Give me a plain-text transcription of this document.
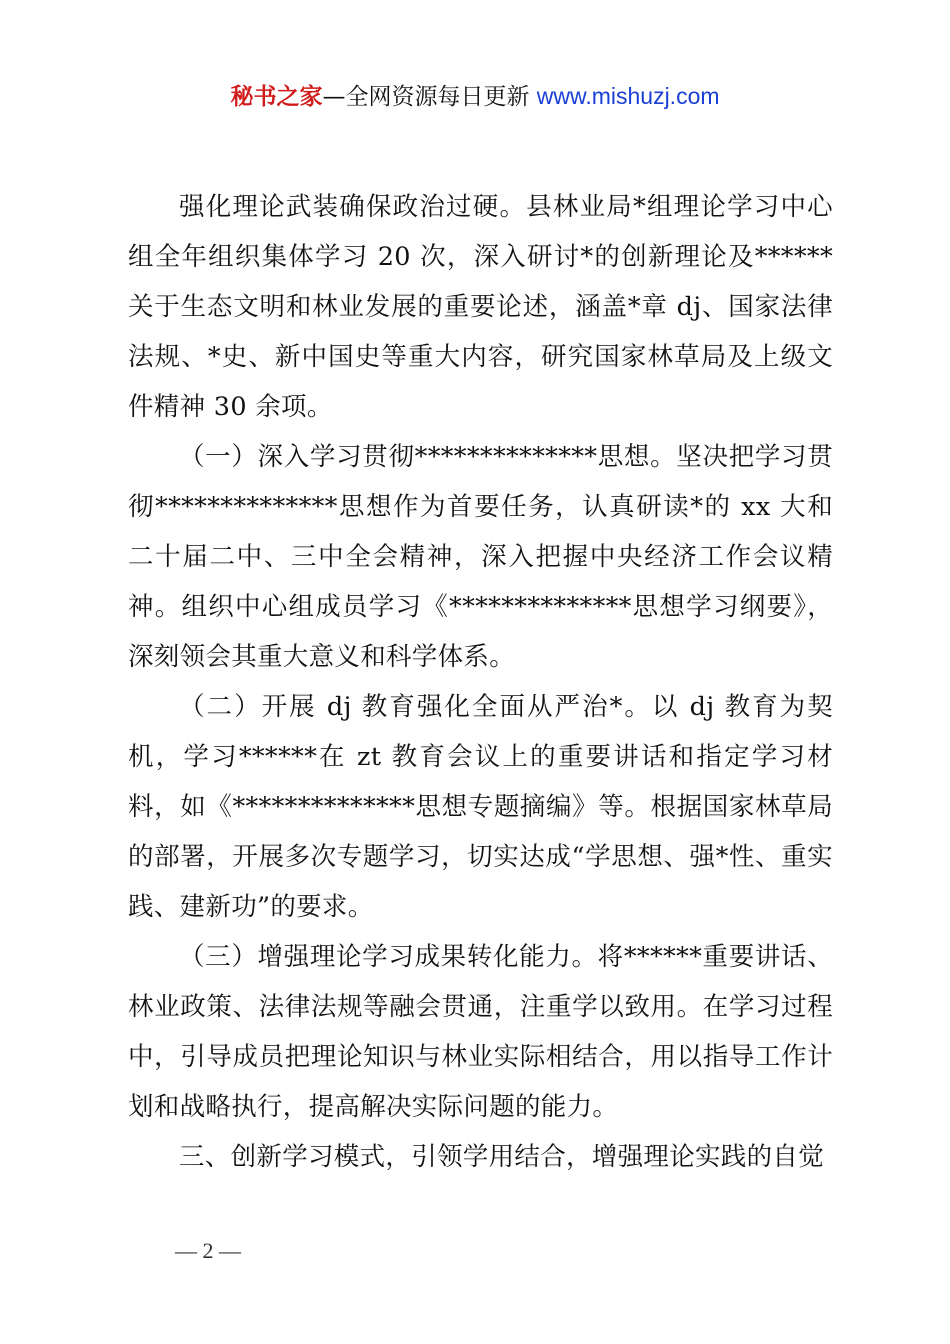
秘书之家—全网资源每日更新 www.mishuzj.com

强化理论武装确保政治过硬。县林业局*组理论学习中心组全年组织集体学习 20 次，深入研讨*的创新理论及******关于生态文明和林业发展的重要论述，涵盖*章 dj、国家法律法规、*史、新中国史等重大内容，研究国家林草局及上级文件精神 30 余项。

（一）深入学习贯彻**************思想。坚决把学习贯彻**************思想作为首要任务，认真研读*的 xx 大和二十届二中、三中全会精神，深入把握中央经济工作会议精神。组织中心组成员学习《**************思想学习纲要》，深刻领会其重大意义和科学体系。

（二）开展 dj 教育强化全面从严治*。以 dj 教育为契机，学习******在 zt 教育会议上的重要讲话和指定学习材料，如《**************思想专题摘编》等。根据国家林草局的部署，开展多次专题学习，切实达成“学思想、强*性、重实践、建新功”的要求。

（三）增强理论学习成果转化能力。将******重要讲话、林业政策、法律法规等融会贯通，注重学以致用。在学习过程中，引导成员把理论知识与林业实际相结合，用以指导工作计划和战略执行，提高解决实际问题的能力。

三、创新学习模式，引领学用结合，增强理论实践的自觉

— 2 —
